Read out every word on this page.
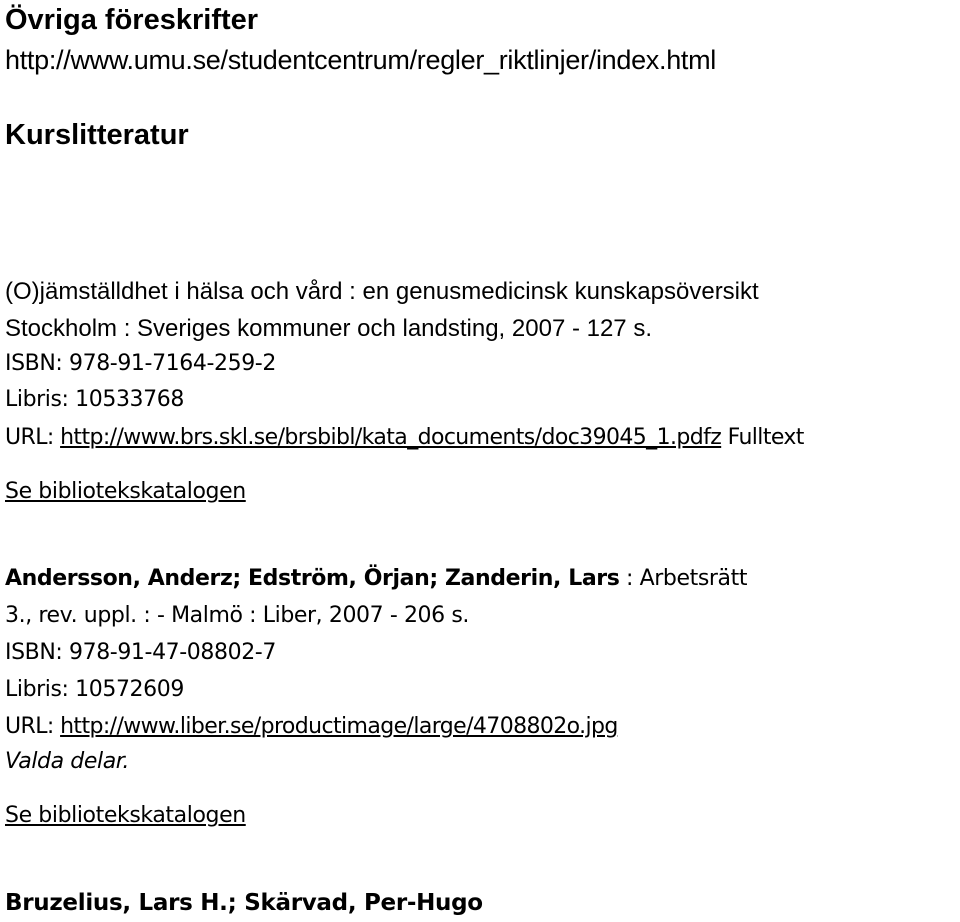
Övriga föreskrifter
http://www.umu.se/studentcentrum/regler_riktlinjer/index.html
Kurslitteratur
(O)jämställdhet i hälsa och vård : en genusmedicinsk kunskapsöversikt
Stockholm : Sveriges kommuner och landsting, 2007 - 127 s.
ISBN: 978-91-7164-259-2
Libris: 10533768
URL: http://www.brs.skl.se/brsbibl/kata_documents/doc39045_1.pdfz Fulltext
Se bibliotekskatalogen
Andersson, Anderz; Edström, Örjan; Zanderin, Lars : Arbetsrätt
3., rev. uppl. : - Malmö : Liber, 2007 - 206 s.
ISBN: 978-91-47-08802-7
Libris: 10572609
URL: http://www.liber.se/productimage/large/4708802o.jpg
Valda delar.
Se bibliotekskatalogen
Bruzelius, Lars H.; Skärvad, Per-Hugo
